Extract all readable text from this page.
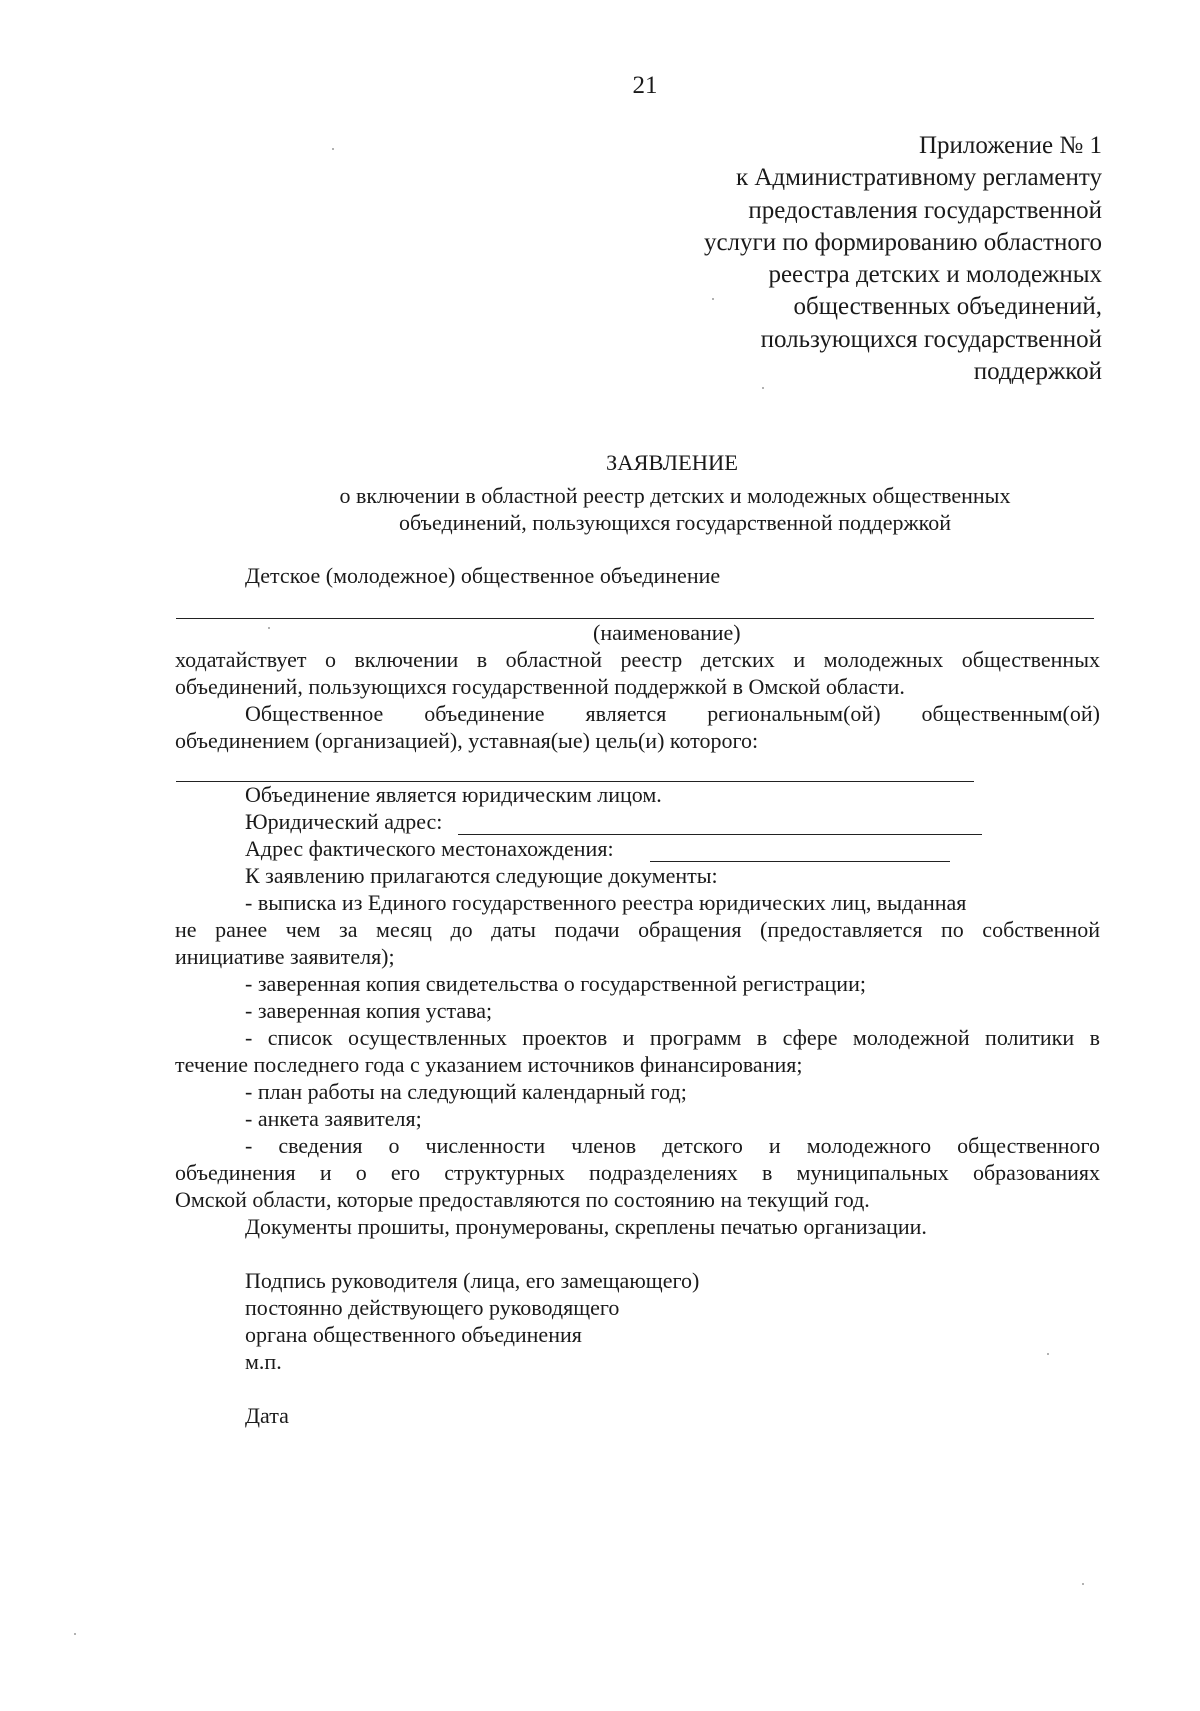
21
Приложение № 1
к Административному регламенту
предоставления государственной
услуги по формированию областного
реестра детских и молодежных
общественных объединений,
пользующихся государственной
поддержкой
ЗАЯВЛЕНИЕ
о включении в областной реестр детских и молодежных общественных
объединений, пользующихся государственной поддержкой
Детское (молодежное) общественное объединение
(наименование)
ходатайствует о включении в областной реестр детских и молодежных общественных
объединений, пользующихся государственной поддержкой в Омской области.
Общественное объединение является региональным(ой) общественным(ой)
объединением (организацией), уставная(ые) цель(и) которого:
Объединение является юридическим лицом.
Юридический адрес:
Адрес фактического местонахождения:
К заявлению прилагаются следующие документы:
- выписка из Единого государственного реестра юридических лиц, выданная
не ранее чем за месяц до даты подачи обращения (предоставляется по собственной
инициативе заявителя);
- заверенная копия свидетельства о государственной регистрации;
- заверенная копия устава;
- список осуществленных проектов и программ в сфере молодежной политики в
течение последнего года с указанием источников финансирования;
- план работы на следующий календарный год;
- анкета заявителя;
- сведения о численности членов детского и молодежного общественного
объединения и о его структурных подразделениях в муниципальных образованиях
Омской области, которые предоставляются по состоянию на текущий год.
Документы прошиты, пронумерованы, скреплены печатью организации.
Подпись руководителя (лица, его замещающего)
постоянно действующего руководящего
органа общественного объединения
м.п.
Дата
